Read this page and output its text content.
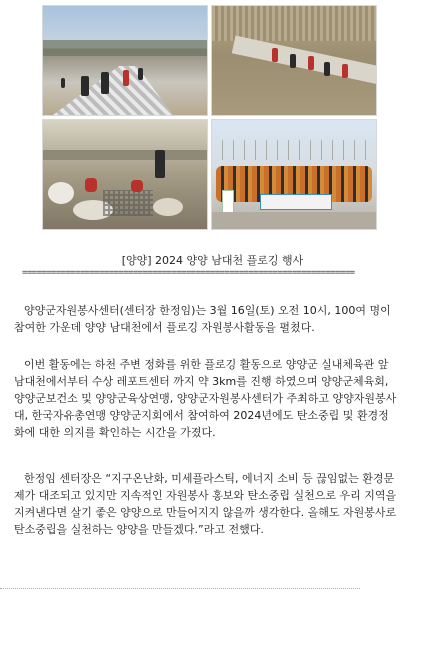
[양양] 2024 양양 남대천 플로깅 행사
=====================================================================

양양군자원봉사센터(센터장 한정임)는 3월 16일(토) 오전 10시, 100여 명이 참여한 가운데 양양 남대천에서 플로깅 자원봉사활동을 펼쳤다.

이번 활동에는 하천 주변 정화를 위한 플로깅 활동으로 양양군 실내체육관 앞 남대천에서부터 수상 레포트센터 까지 약 3km를 진행 하였으며 양양군체육회, 양양군보건소 및 양양군육상연맹, 양양군자원봉사센터가 주최하고 양양자원봉사대, 한국자유총연맹 양양군지회에서 참여하여 2024년에도 탄소중립 및 환경정화에 대한 의지를 확인하는 시간을 가졌다.

한정임 센터장은 “지구온난화, 미세플라스틱, 에너지 소비 등 끊임없는 환경문제가 대조되고 있지만 지속적인 자원봉사 홍보와 탄소중립 실천으로 우리 지역을 지켜낸다면 살기 좋은 양양으로 만들어지지 않을까 생각한다. 올해도 자원봉사로 탄소중립을 실천하는 양양을 만들겠다.”라고 전했다.
